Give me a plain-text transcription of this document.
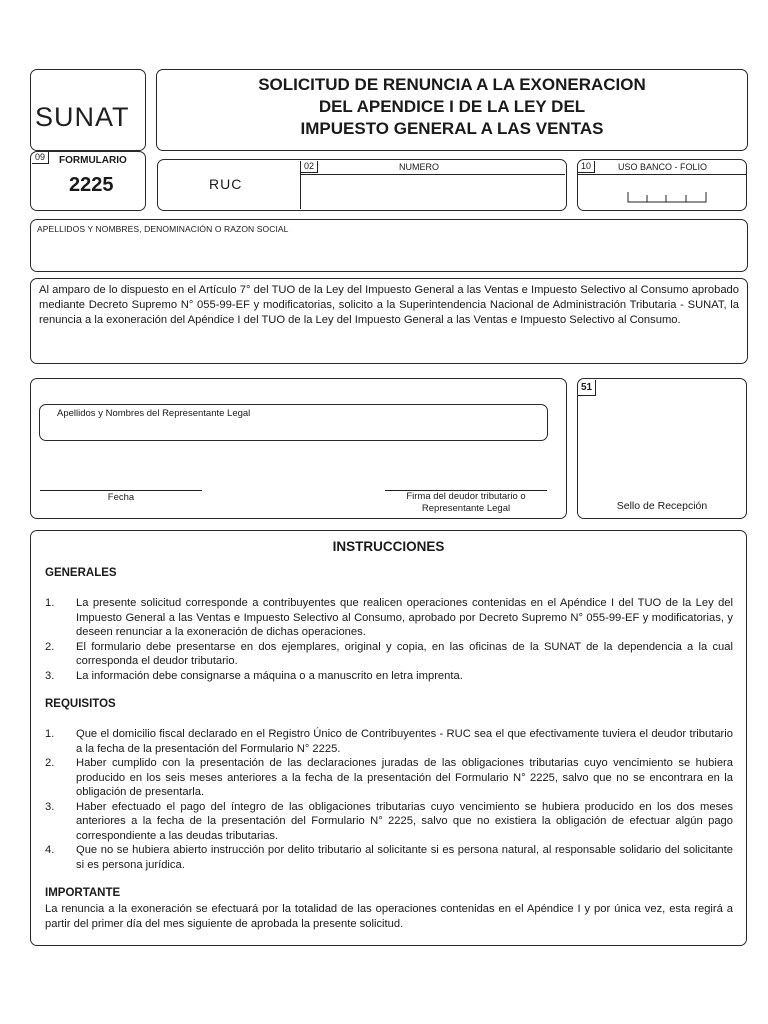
SUNAT
SOLICITUD DE RENUNCIA A LA EXONERACION
DEL APENDICE I DE LA LEY DEL
IMPUESTO GENERAL A LAS VENTAS
09	FORMULARIO
2225	RUC
02	NUMERO	10	USO BANCO - FOLIO
APELLIDOS Y NOMBRES, DENOMINACIÓN O RAZON SOCIAL
Al amparo de lo dispuesto en el Artículo 7° del TUO de la Ley del Impuesto General a las Ventas e Impuesto Selectivo al Consumo aprobado mediante Decreto Supremo N° 055-99-EF y modificatorias, solicito a la Superintendencia Nacional de Administración Tributaria - SUNAT, la renuncia a la exoneración del Apéndice I del TUO de la Ley del Impuesto General a las Ventas e Impuesto Selectivo al Consumo.
Apellidos y Nombres del Representante Legal
Fecha	Firma del deudor tributario o
Representante Legal
51
Sello de Recepción
INSTRUCCIONES
GENERALES
1. La presente solicitud corresponde a contribuyentes que realicen operaciones contenidas en el Apéndice I del TUO de la Ley del Impuesto General a las Ventas e Impuesto Selectivo al Consumo, aprobado por Decreto Supremo N° 055-99-EF y modificatorias, y deseen renunciar a la exoneración de dichas operaciones.
2. El formulario debe presentarse en dos ejemplares, original y copia, en las oficinas de la SUNAT de la dependencia a la cual corresponda el deudor tributario.
3. La información debe consignarse a máquina o a manuscrito en letra imprenta.
REQUISITOS
1. Que el domicilio fiscal declarado en el Registro Único de Contribuyentes - RUC sea el que efectivamente tuviera el deudor tributario a la fecha de la presentación del Formulario N° 2225.
2. Haber cumplido con la presentación de las declaraciones juradas de las obligaciones tributarias cuyo vencimiento se hubiera producido en los seis meses anteriores a la fecha de la presentación del Formulario N° 2225, salvo que no se encontrara en la obligación de presentarla.
3. Haber efectuado el pago del íntegro de las obligaciones tributarias cuyo vencimiento se hubiera producido en los dos meses anteriores a la fecha de la presentación del Formulario N° 2225, salvo que no existiera la obligación de efectuar algún pago correspondiente a las deudas tributarias.
4. Que no se hubiera abierto instrucción por delito tributario al solicitante si es persona natural, al responsable solidario del solicitante si es persona jurídica.
IMPORTANTE
La renuncia a la exoneración se efectuará por la totalidad de las operaciones contenidas en el Apéndice I y por única vez, esta regirá a partir del primer día del mes siguiente de aprobada la presente solicitud.
